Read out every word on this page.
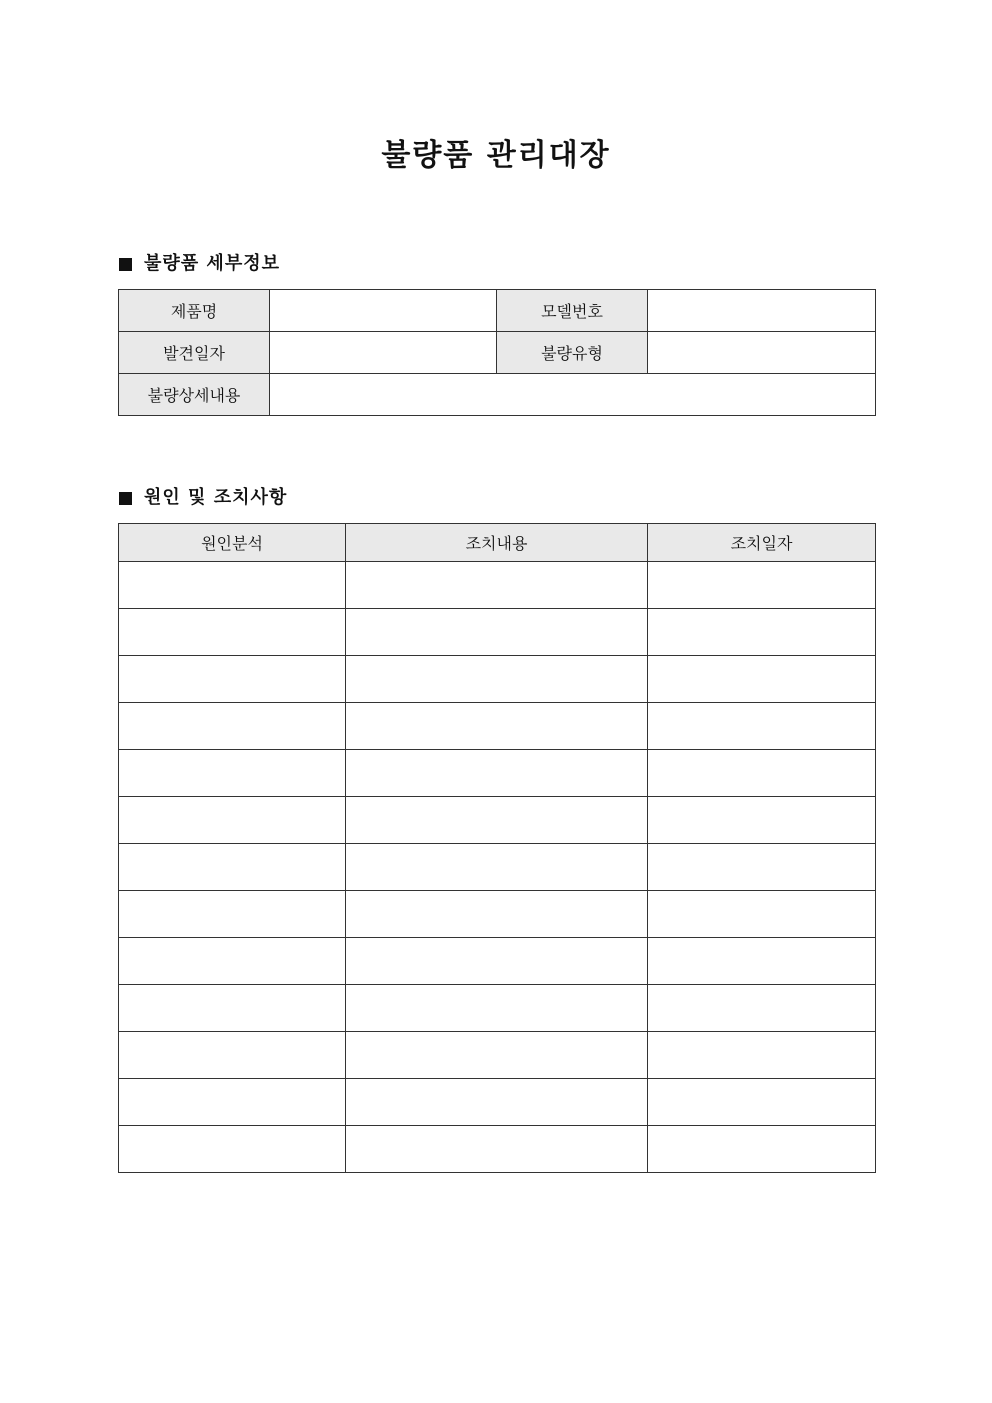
불량품 관리대장
불량품 세부정보
제품명		모델번호	
발견일자		불량유형	
불량상세내용			
원인 및 조치사항
원인분석	조치내용	조치일자
